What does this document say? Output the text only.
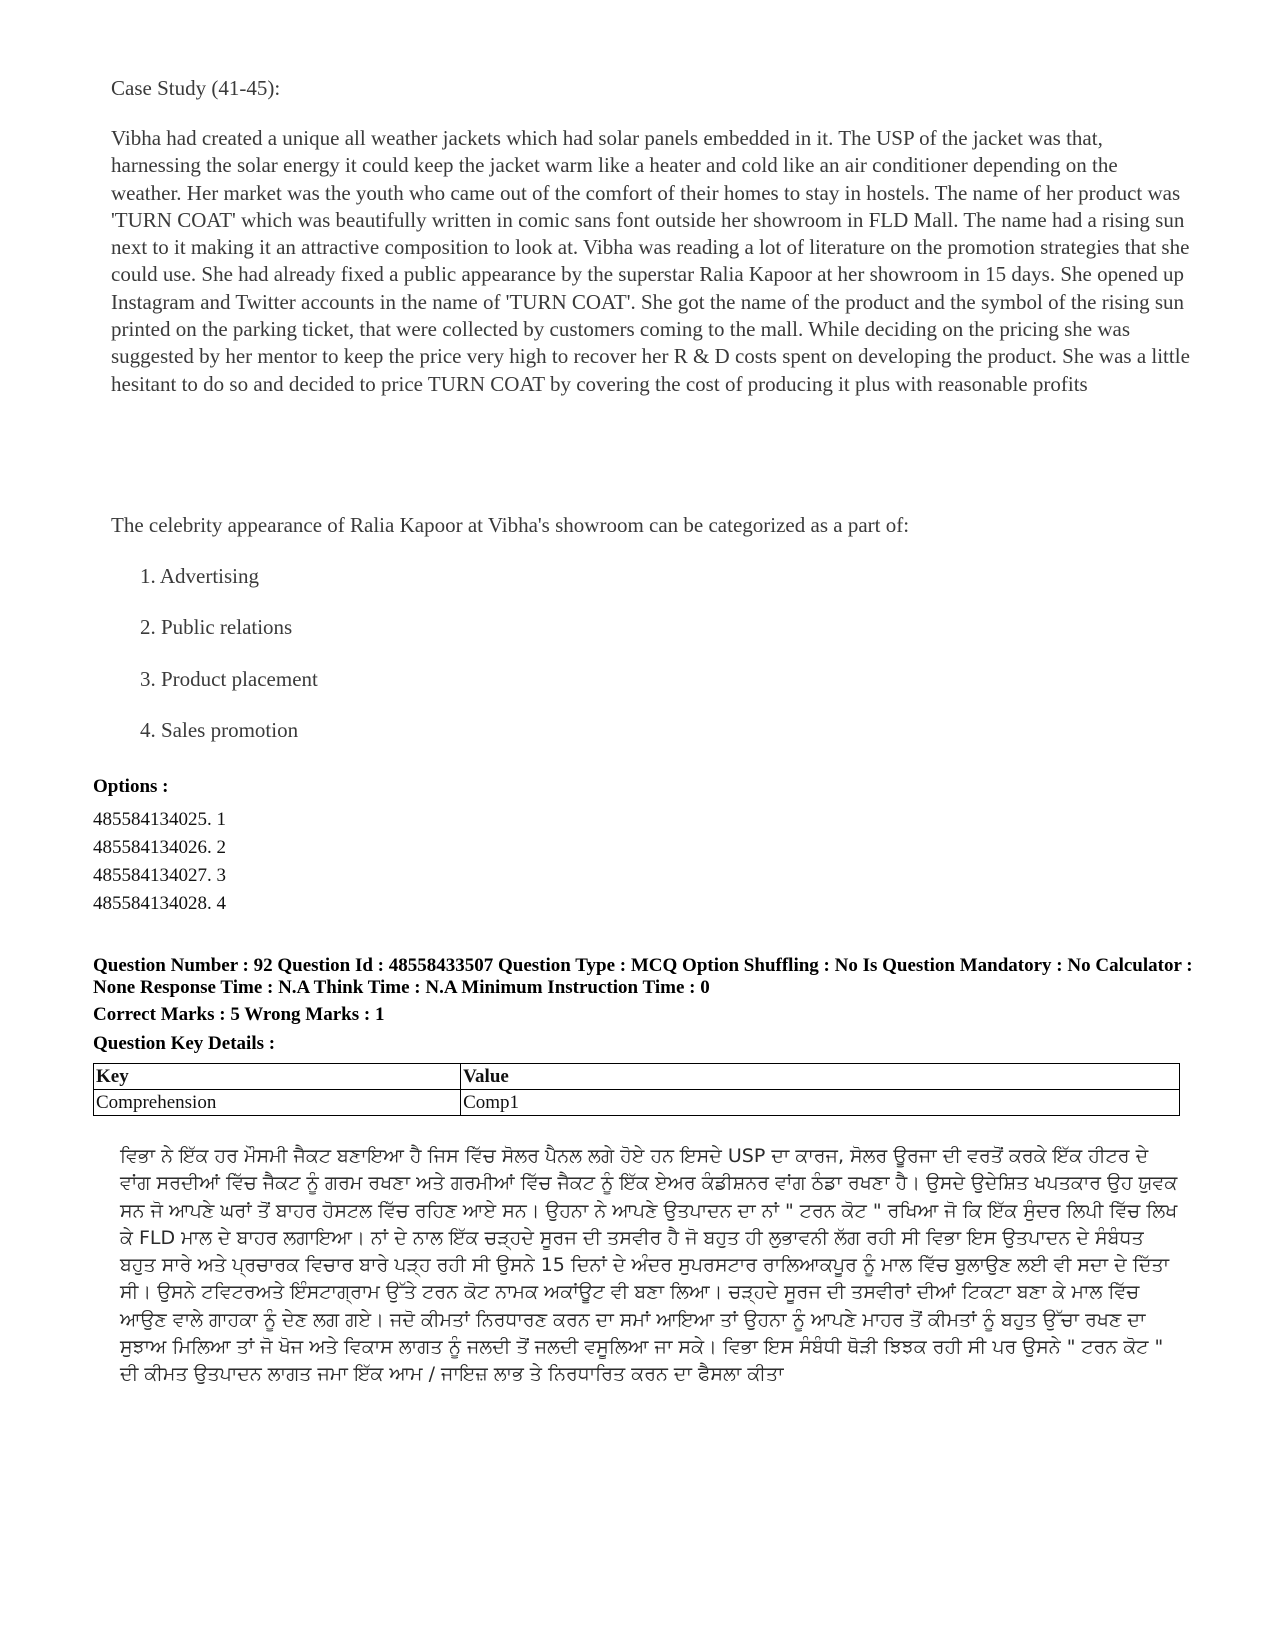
Case Study (41-45):

Vibha had created a unique all weather jackets which had solar panels embedded in it. The USP of the jacket was that, harnessing the solar energy it could keep the jacket warm like a heater and cold like an air conditioner depending on the weather. Her market was the youth who came out of the comfort of their homes to stay in hostels. The name of her product was 'TURN COAT' which was beautifully written in comic sans font outside her showroom in FLD Mall. The name had a rising sun next to it making it an attractive composition to look at. Vibha was reading a lot of literature on the promotion strategies that she could use. She had already fixed a public appearance by the superstar Ralia Kapoor at her showroom in 15 days. She opened up Instagram and Twitter accounts in the name of 'TURN COAT'. She got the name of the product and the symbol of the rising sun printed on the parking ticket, that were collected by customers coming to the mall. While deciding on the pricing she was suggested by her mentor to keep the price very high to recover her R & D costs spent on developing the product. She was a little hesitant to do so and decided to price TURN COAT by covering the cost of producing it plus with reasonable profits

The celebrity appearance of Ralia Kapoor at Vibha's showroom can be categorized as a part of:
1. Advertising
2. Public relations
3. Product placement
4. Sales promotion
Options :
485584134025. 1
485584134026. 2
485584134027. 3
485584134028. 4
Question Number : 92 Question Id : 48558433507 Question Type : MCQ Option Shuffling : No Is Question Mandatory : No Calculator : None Response Time : N.A Think Time : N.A Minimum Instruction Time : 0
Correct Marks : 5 Wrong Marks : 1
Question Key Details :
Key	Value
Comprehension	Comp1

ਵਿਭਾ ਨੇ ਇੱਕ ਹਰ ਮੌਸਮੀ ਜੈਕਟ ਬਣਾਇਆ ਹੈ ਜਿਸ ਵਿੱਚ ਸੋਲਰ ਪੈਨਲ ਲਗੇ ਹੋਏ ਹਨ ਇਸਦੇ USP ਦਾ ਕਾਰਜ, ਸੋਲਰ ਊਰਜਾ ਦੀ ਵਰਤੋਂ ਕਰਕੇ ਇੱਕ ਹੀਟਰ ਦੇ ਵਾਂਗ ਸਰਦੀਆਂ ਵਿੱਚ ਜੈਕਟ ਨੂੰ ਗਰਮ ਰਖਣਾ ਅਤੇ ਗਰਮੀਆਂ ਵਿੱਚ ਜੈਕਟ ਨੂੰ ਇੱਕ ਏਅਰ ਕੰਡੀਸ਼ਨਰ ਵਾਂਗ ਠੰਡਾ ਰਖਣਾ ਹੈ। ਉਸਦੇ ਉਦੇਸ਼ਿਤ ਖਪਤਕਾਰ ਉਹ ਯੁਵਕ ਸਨ ਜੋ ਆਪਣੇ ਘਰਾਂ ਤੋਂ ਬਾਹਰ ਹੋਸਟਲ ਵਿੱਚ ਰਹਿਣ ਆਏ ਸਨ। ਉਹਨਾ ਨੇ ਆਪਣੇ ਉਤਪਾਦਨ ਦਾ ਨਾਂ " ਟਰਨ ਕੋਟ " ਰਖਿਆ ਜੋ ਕਿ ਇੱਕ ਸੁੰਦਰ ਲਿਪੀ ਵਿੱਚ ਲਿਖ ਕੇ FLD ਮਾਲ ਦੇ ਬਾਹਰ ਲਗਾਇਆ। ਨਾਂ ਦੇ ਨਾਲ ਇੱਕ ਚੜ੍ਹਦੇ ਸੂਰਜ ਦੀ ਤਸਵੀਰ ਹੈ ਜੋ ਬਹੁਤ ਹੀ ਲੁਭਾਵਨੀ ਲੱਗ ਰਹੀ ਸੀ ਵਿਭਾ ਇਸ ਉਤਪਾਦਨ ਦੇ ਸੰਬੰਧਤ ਬਹੁਤ ਸਾਰੇ ਅਤੇ ਪ੍ਰਚਾਰਕ ਵਿਚਾਰ ਬਾਰੇ ਪੜ੍ਹ ਰਹੀ ਸੀ ਉਸਨੇ 15 ਦਿਨਾਂ ਦੇ ਅੰਦਰ ਸੁਪਰਸਟਾਰ ਰਾਲਿਆਕਪੂਰ ਨੂੰ ਮਾਲ ਵਿੱਚ ਬੁਲਾਉਣ ਲਈ ਵੀ ਸਦਾ ਦੇ ਦਿੱਤਾ ਸੀ। ਉਸਨੇ ਟਵਿਟਰਅਤੇ ਇੰਸਟਾਗ੍ਰਾਮ ਉੱਤੇ ਟਰਨ ਕੋਟ ਨਾਮਕ ਅਕਾਂਊਟ ਵੀ ਬਣਾ ਲਿਆ। ਚੜ੍ਹਦੇ ਸੂਰਜ ਦੀ ਤਸਵੀਰਾਂ ਦੀਆਂ ਟਿਕਟਾ ਬਣਾ ਕੇ ਮਾਲ ਵਿੱਚ ਆਉਣ ਵਾਲੇ ਗਾਹਕਾ ਨੂੰ ਦੇਣ ਲਗ ਗਏ। ਜਦੋ ਕੀਮਤਾਂ ਨਿਰਧਾਰਣ ਕਰਨ ਦਾ ਸਮਾਂ ਆਇਆ ਤਾਂ ਉਹਨਾ ਨੂੰ ਆਪਣੇ ਮਾਹਰ ਤੋਂ ਕੀਮਤਾਂ ਨੂੰ ਬਹੁਤ ਉੱਚਾ ਰਖਣ ਦਾ ਸੁਝਾਅ ਮਿਲਿਆ ਤਾਂ ਜੋ ਖੋਜ ਅਤੇ ਵਿਕਾਸ ਲਾਗਤ ਨੂੰ ਜਲਦੀ ਤੋਂ ਜਲਦੀ ਵਸੂਲਿਆ ਜਾ ਸਕੇ। ਵਿਭਾ ਇਸ ਸੰਬੰਧੀ ਥੋੜੀ ਝਿਝਕ ਰਹੀ ਸੀ ਪਰ ਉਸਨੇ " ਟਰਨ ਕੋਟ " ਦੀ ਕੀਮਤ ਉਤਪਾਦਨ ਲਾਗਤ ਜਮਾ ਇੱਕ ਆਮ / ਜਾਇਜ਼ ਲਾਭ ਤੇ ਨਿਰਧਾਰਿਤ ਕਰਨ ਦਾ ਫੈਸਲਾ ਕੀਤਾ
